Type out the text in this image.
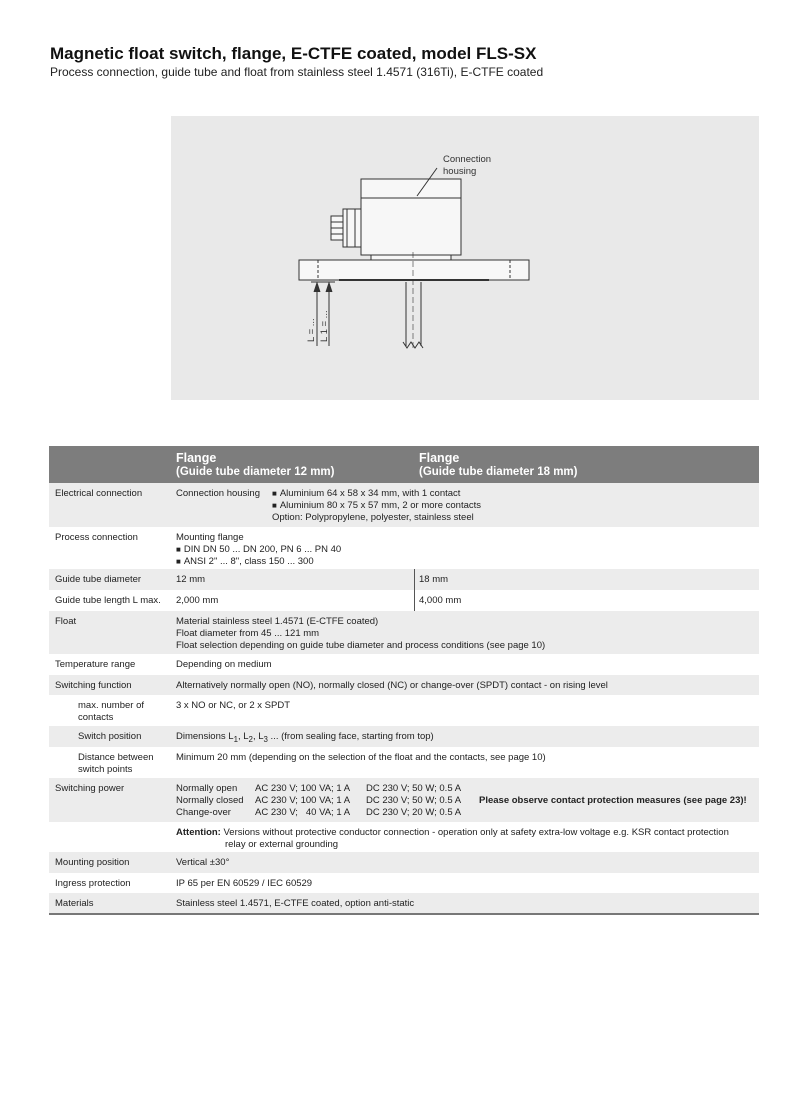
Magnetic float switch, flange, E-CTFE coated, model FLS-SX
Process connection, guide tube and float from stainless steel 1.4571 (316Ti), E-CTFE coated
Connection
housing
L = ... L 1 = ...
Flange
(Guide tube diameter 12 mm)
Flange
(Guide tube diameter 18 mm)
Electrical connection	Connection housing
■	Aluminium 64 x 58 x 34 mm, with 1 contact
■ Aluminium 80 x 75 x 57 mm, 2 or more contacts
Option: Polypropylene, polyester, stainless steel
Process connection	Mounting flange
■ DIN DN 50 ... DN 200, PN 6 ... PN 40
■ ANSI 2" ... 8", class 150 ... 300
Guide tube diameter	12 mm	18 mm
Guide tube length L max.	2,000 mm	4,000 mm
Float	Material stainless steel 1.4571 (E-CTFE coated)
Float diameter from 45 ... 121 mm
Float selection depending on guide tube diameter and process conditions (see page 10)
Temperature range	Depending on medium
Switching function	Alternatively normally open (NO), normally closed (NC) or change-over (SPDT) contact - on rising level
max. number of contacts
3 x NO or NC, or 2 x SPDT
Switch position	Dimensions $L_1$, $L_2$, $L_3$ ... (from sealing face, starting from top)
Distance between switch points
Minimum 20 mm (depending on the selection of the float and the contacts, see page 10)
Switching power	Normally open AC 230 V; 100 VA; 1 A DC 230 V; 50 W; 0.5 A
Normally closed AC 230 V; 100 VA; 1 A DC 230 V; 50 W; 0.5 A Please observe contact protection measures (see page 23)!
Change-over	AC 230 V;   40 VA; 1 A DC 230 V; 20 W; 0.5 A
Attention: Versions without protective conductor connection - operation only at safety extra-low voltage e.g. KSR contact protection
relay or external grounding
Mounting position	Vertical ±30°
Ingress protection	IP 65 per EN 60529 / IEC 60529
Materials	Stainless steel 1.4571, E-CTFE coated, option anti-static
